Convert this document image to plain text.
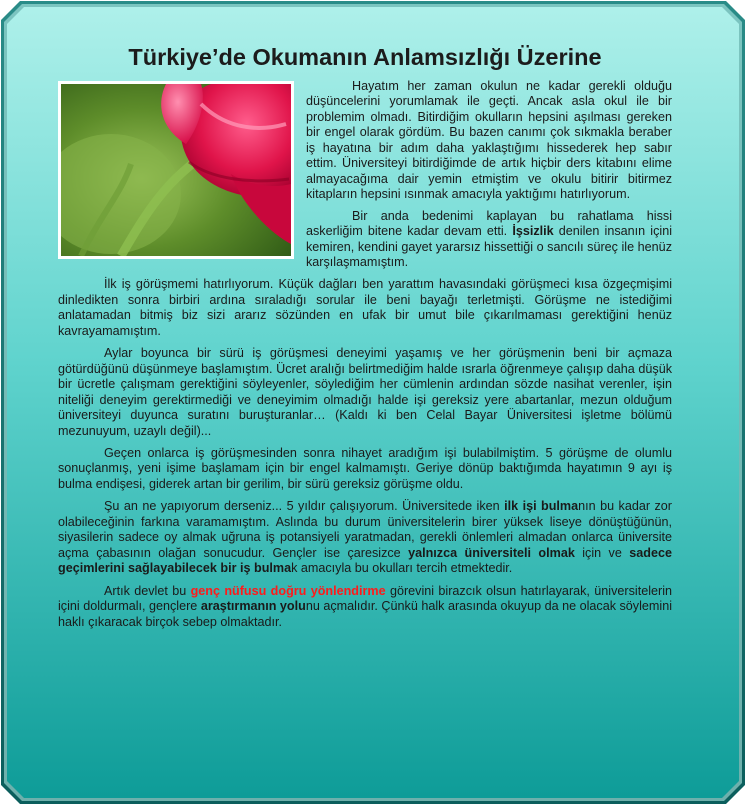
Türkiye’de Okumanın Anlamsızlığı Üzerine

Hayatım her zaman okulun ne kadar gerekli olduğu düşüncelerini yorumlamak ile geçti. Ancak asla okul ile bir problemim olmadı. Bitirdiğim okulların hepsini aşılması gereken bir engel olarak gördüm. Bu bazen canımı çok sıkmakla beraber iş hayatına bir adım daha yaklaştığımı hissederek hep sabır ettim. Üniversiteyi bitirdiğimde de artık hiçbir ders kitabını elime almayacağıma dair yemin etmiştim ve okulu bitirir bitirmez kitapların hepsini ısınmak amacıyla yaktığımı hatırlıyorum.

Bir anda bedenimi kaplayan bu rahatlama hissi askerliğim bitene kadar devam etti. İşsizlik denilen insanın içini kemiren, kendini gayet yararsız hissettiği o sancılı süreç ile henüz karşılaşmamıştım.

İlk iş görüşmemi hatırlıyorum. Küçük dağları ben yarattım havasındaki görüşmeci kısa özgeçmişimi dinledikten sonra birbiri ardına sıraladığı sorular ile beni bayağı terletmişti. Görüşme ne istediğimi anlatamadan bitmiş biz sizi ararız sözünden en ufak bir umut bile çıkarılmaması gerektiğini henüz kavrayamamıştım.

Aylar boyunca bir sürü iş görüşmesi deneyimi yaşamış ve her görüşmenin beni bir açmaza götürdüğünü düşünmeye başlamıştım. Ücret aralığı belirtmediğim halde ısrarla öğrenmeye çalışıp daha düşük bir ücretle çalışmam gerektiğini söyleyenler, söylediğim her cümlenin ardından sözde nasihat verenler, işin niteliği deneyim gerektirmediği ve deneyimim olmadığı halde işi gereksiz yere abartanlar, mezun olduğum üniversiteyi duyunca suratını buruşturanlar… (Kaldı ki ben Celal Bayar Üniversitesi işletme bölümü mezunuyum, uzaylı değil)...

Geçen onlarca iş görüşmesinden sonra nihayet aradığım işi bulabilmiştim. 5 görüşme de olumlu sonuçlanmış, yeni işime başlamam için bir engel kalmamıştı. Geriye dönüp baktığımda hayatımın 9 ayı iş bulma endişesi, giderek artan bir gerilim, bir sürü gereksiz görüşme oldu.

Şu an ne yapıyorum derseniz... 5 yıldır çalışıyorum. Üniversitede iken ilk işi bulmanın bu kadar zor olabileceğinin farkına varamamıştım. Aslında bu durum üniversitelerin birer yüksek liseye dönüştüğünün, siyasilerin sadece oy almak uğruna iş potansiyeli yaratmadan, gerekli önlemleri almadan onlarca üniversite açma çabasının olağan sonucudur. Gençler ise çaresizce yalnızca üniversiteli olmak için ve sadece geçimlerini sağlayabilecek bir iş bulmak amacıyla bu okulları tercih etmektedir.

Artık devlet bu genç nüfusu doğru yönlendirme görevini birazcık olsun hatırlayarak, üniversitelerin içini doldurmalı, gençlere araştırmanın yolunu açmalıdır. Çünkü halk arasında okuyup da ne olacak söylemini haklı çıkaracak birçok sebep olmaktadır.
